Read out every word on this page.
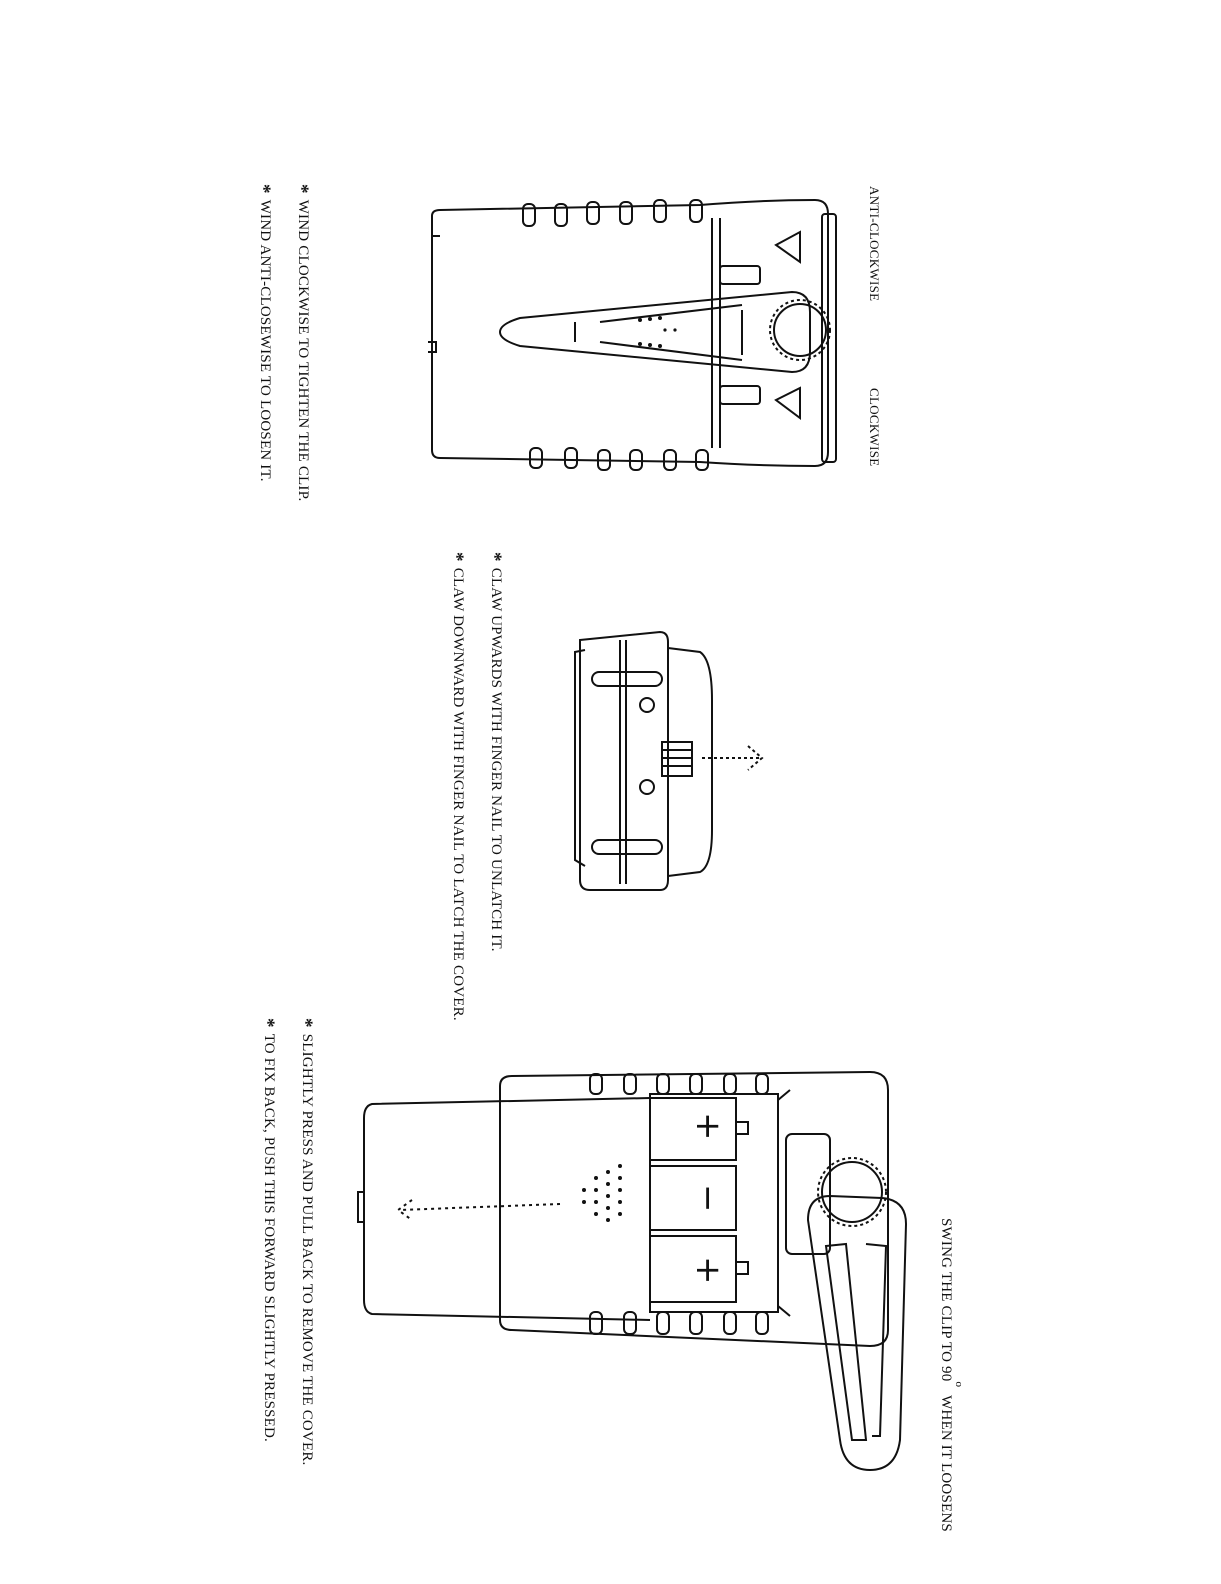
ANTI-CLOCKWISE
CLOCKWISE
*WIND CLOCKWISE TO TIGHTEN THE CLIP.
*WIND ANTI-CLOSEWISE TO LOOSEN IT.
*CLAW UPWARDS WITH FINGER NAIL TO UNLATCH IT.
*CLAW DOWNWARD WITH FINGER NAIL TO LATCH THE COVER.
SWING THE CLIP TO 90$^o$  WHEN IT LOOSENS
*SLIGHTLY PRESS AND PULL BACK TO REMOVE THE COVER.
*TO FIX BACK, PUSH THIS FORWARD SLIGHTLY PRESSED.	+
−
+
